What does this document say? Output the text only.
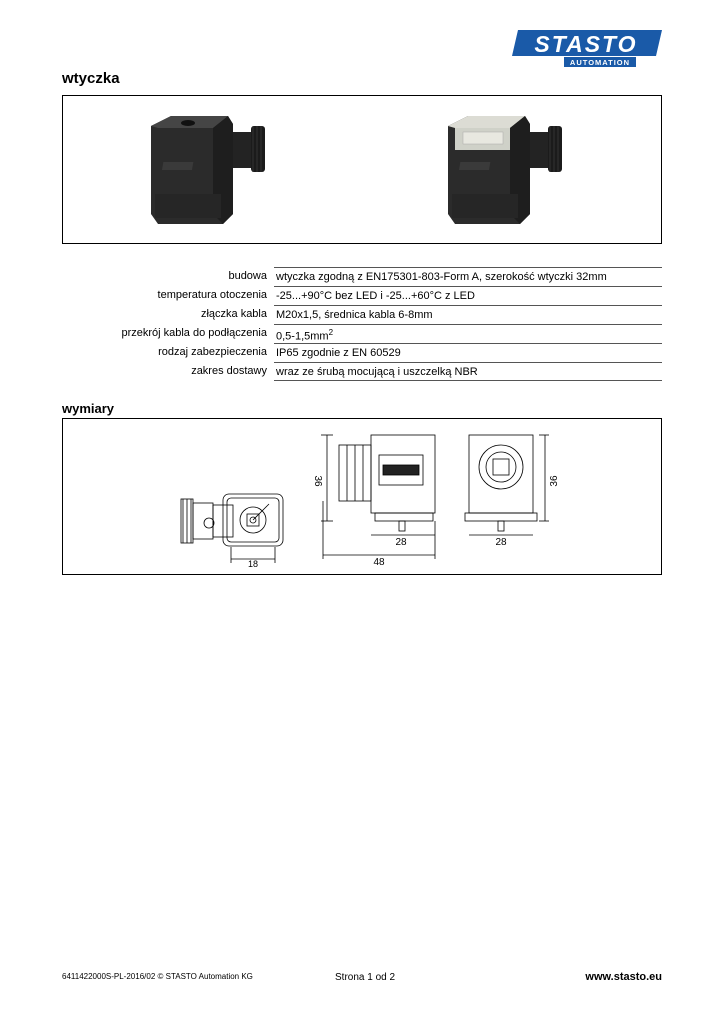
STASTO
AUTOMATION
wtyczka
budowa wtyczka zgodną z EN175301-803-Form A, szerokość wtyczki 32mm
temperatura otoczenia -25...+90°C bez LED i -25...+60°C z LED
złączka kabla M20x1,5, średnica kabla 6-8mm
przekrój kabla do podłączenia $0,5-1,5mm^2$
rodzaj zabezpieczenia IP65 zgodnie z EN 60529
zakres dostawy wraz ze śrubą mocującą i uszczelką NBR
wymiary
18
36
28
48
36
28
6411422000S-PL-2016/02 © STASTO Automation KG	Strona 1 od 2	www.stasto.eu
